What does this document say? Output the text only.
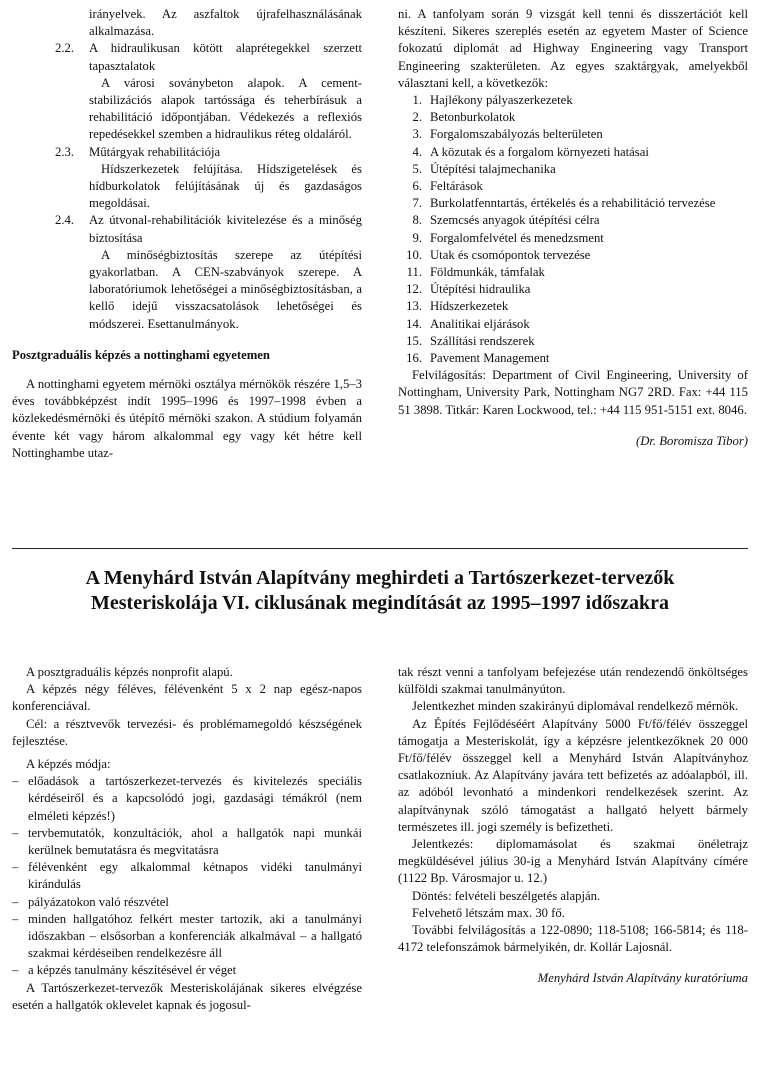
irányelvek. Az aszfaltok újrafelhasználásának alkalmazása.
2.2. A hidraulikusan kötött alaprétegekkel szerzett tapasztalatok
A városi soványbeton alapok. A cement-stabilizációs alapok tartóssága és teherbírásuk a rehabilitáció időpontjában. Védekezés a reflexiós repedésekkel szemben a hidraulikus réteg oldaláról.
2.3. Műtárgyak rehabilitációja
Hídszerkezetek felújítása. Hídszigetelések és hídburkolatok felújításának új és gazdaságos megoldásai.
2.4. Az útvonal-rehabilitációk kivitelezése és a minőség biztosítása
A minőségbiztosítás szerepe az útépítési gyakorlatban. A CEN-szabványok szerepe. A laboratóriumok lehetőségei a minőségbiztosításban, a kellő idejű visszacsatolások lehetőségei és módszerei. Esettanulmányok.
Posztgraduális képzés a nottinghami egyetemen
A nottinghami egyetem mérnöki osztálya mérnökök részére 1,5–3 éves továbbképzést indít 1995–1996 és 1997–1998 évben a közlekedésmérnöki és útépítő mérnöki szakon. A stúdium folyamán évente két vagy három alkalommal egy vagy két hétre kell Nottinghambe utaz-
ni. A tanfolyam során 9 vizsgát kell tenni és disszertációt kell készíteni. Sikeres szereplés esetén az egyetem Master of Science fokozatú diplomát ad Highway Engineering vagy Transport Engineering szakterületen. Az egyes szaktárgyak, amelyekből választani kell, a következők:
1. Hajlékony pályaszerkezetek
2. Betonburkolatok
3. Forgalomszabályozás belterületen
4. A közutak és a forgalom környezeti hatásai
5. Útépítési talajmechanika
6. Feltárások
7. Burkolatfenntartás, értékelés és a rehabilitáció tervezése
8. Szemcsés anyagok útépítési célra
9. Forgalomfelvétel és menedzsment
10. Utak és csomópontok tervezése
11. Földmunkák, támfalak
12. Útépítési hidraulika
13. Hídszerkezetek
14. Analitikai eljárások
15. Szállítási rendszerek
16. Pavement Management
Felvilágosítás: Department of Civil Engineering, University of Nottingham, University Park, Nottingham NG7 2RD. Fax: +44 115 51 3898. Titkár: Karen Lockwood, tel.: +44 115 951-5151 ext. 8046.
(Dr. Boromisza Tibor)
A Menyhárd István Alapítvány meghirdeti a Tartószerkezet-tervezők
Mesteriskolája VI. ciklusának megindítását az 1995–1997 időszakra
A posztgraduális képzés nonprofit alapú.
A képzés négy féléves, félévenként 5 x 2 nap egész-napos konferenciával.
Cél: a résztvevők tervezési- és problémamegoldó készségének fejlesztése.
A képzés módja:
– előadások a tartószerkezet-tervezés és kivitelezés speciális kérdéseiről és a kapcsolódó jogi, gazdasági témákról (nem elméleti képzés!)
– tervbemutatók, konzultációk, ahol a hallgatók napi munkái kerülnek bemutatásra és megvitatásra
– félévenként egy alkalommal kétnapos vidéki tanulmányi kirándulás
– pályázatokon való részvétel
– minden hallgatóhoz felkért mester tartozik, aki a tanulmányi időszakban – elsősorban a konferenciák alkalmával – a hallgató szakmai kérdéseiben rendelkezésre áll
– a képzés tanulmány készítésével ér véget
A Tartószerkezet-tervezők Mesteriskolájának sikeres elvégzése esetén a hallgatók oklevelet kapnak és jogosul-
tak részt venni a tanfolyam befejezése után rendezendő önköltséges külföldi szakmai tanulmányúton.
Jelentkezhet minden szakirányú diplomával rendelkező mérnök.
Az Építés Fejlődéséért Alapítvány 5000 Ft/fő/félév összeggel támogatja a Mesteriskolát, így a képzésre jelentkezőknek 20 000 Ft/fő/félév összeggel kell a Menyhárd István Alapítványhoz csatlakozniuk. Az Alapítvány javára tett befizetés az adóalapból, ill. az adóból levonható a mindenkori rendelkezések szerint. Az alapítványnak szóló támogatást a hallgató helyett bármely természetes ill. jogi személy is befizetheti.
Jelentkezés: diplomamásolat és szakmai önéletrajz megküldésével július 30-ig a Menyhárd István Alapítvány címére (1122 Bp. Városmajor u. 12.)
Döntés: felvételi beszélgetés alapján.
Felvehető létszám max. 30 fő.
További felvilágosítás a 122-0890; 118-5108; 166-5814; és 118-4172 telefonszámok bármelyikén, dr. Kollár Lajosnál.
Menyhárd István Alapítvány kuratóriuma
